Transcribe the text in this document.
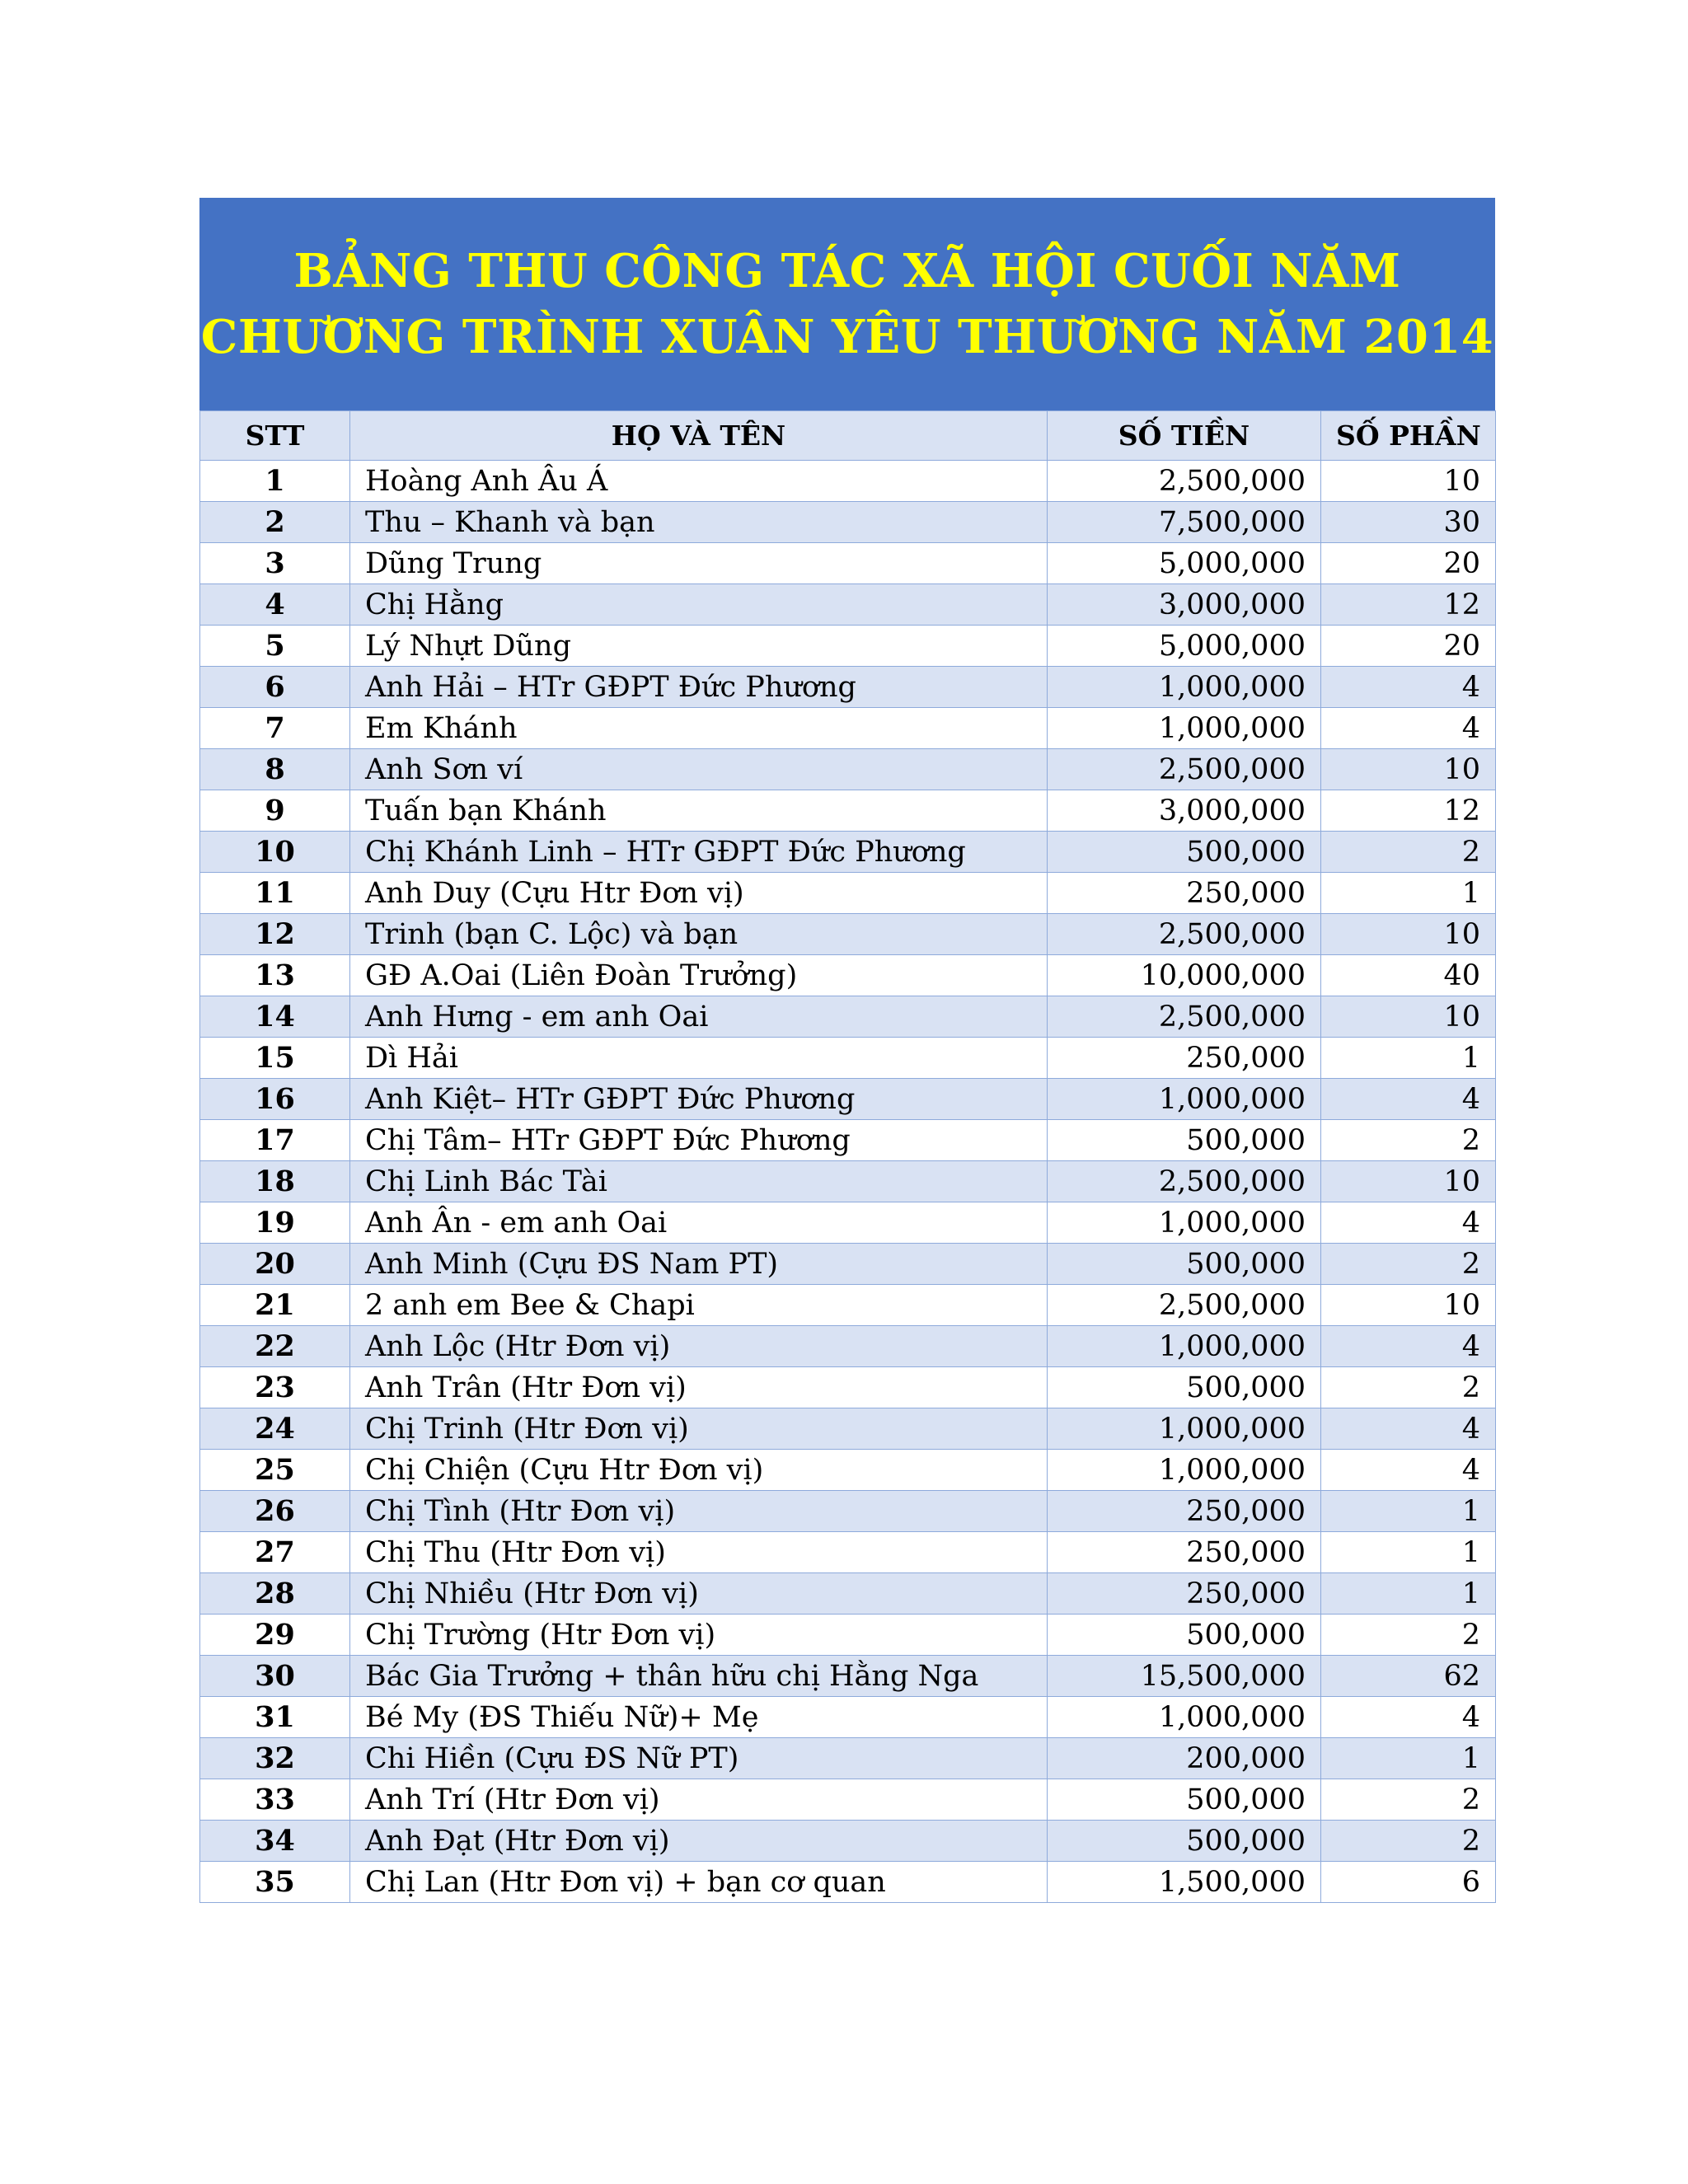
BẢNG THU CÔNG TÁC XÃ HỘI CUỐI NĂM
CHƯƠNG TRÌNH XUÂN YÊU THƯƠNG NĂM 2014
STT	HỌ VÀ TÊN	SỐ TIỀN	SỐ PHẦN
1	Hoàng Anh Âu Á	2,500,000	10
2	Thu – Khanh và bạn	7,500,000	30
3	Dũng Trung	5,000,000	20
4	Chị Hằng	3,000,000	12
5	Lý Nhựt Dũng	5,000,000	20
6	Anh Hải – HTr GĐPT Đức Phương	1,000,000	4
7	Em Khánh	1,000,000	4
8	Anh Sơn ví	2,500,000	10
9	Tuấn bạn Khánh	3,000,000	12
10	Chị Khánh Linh – HTr GĐPT Đức Phương	500,000	2
11	Anh Duy (Cựu Htr Đơn vị)	250,000	1
12	Trinh (bạn C. Lộc) và bạn	2,500,000	10
13	GĐ A.Oai (Liên Đoàn Trưởng)	10,000,000	40
14	Anh Hưng - em anh Oai	2,500,000	10
15	Dì Hải	250,000	1
16	Anh Kiệt– HTr GĐPT Đức Phương	1,000,000	4
17	Chị Tâm– HTr GĐPT Đức Phương	500,000	2
18	Chị Linh Bác Tài	2,500,000	10
19	Anh Ân - em anh Oai	1,000,000	4
20	Anh Minh (Cựu ĐS Nam PT)	500,000	2
21	2 anh em Bee & Chapi	2,500,000	10
22	Anh Lộc (Htr Đơn vị)	1,000,000	4
23	Anh Trân (Htr Đơn vị)	500,000	2
24	Chị Trinh (Htr Đơn vị)	1,000,000	4
25	Chị Chiện (Cựu Htr Đơn vị)	1,000,000	4
26	Chị Tình (Htr Đơn vị)	250,000	1
27	Chị Thu (Htr Đơn vị)	250,000	1
28	Chị Nhiều (Htr Đơn vị)	250,000	1
29	Chị Trường (Htr Đơn vị)	500,000	2
30	Bác Gia Trưởng + thân hữu chị Hằng Nga	15,500,000	62
31	Bé My (ĐS Thiếu Nữ)+ Mẹ	1,000,000	4
32	Chi Hiền (Cựu ĐS Nữ PT)	200,000	1
33	Anh Trí (Htr Đơn vị)	500,000	2
34	Anh Đạt (Htr Đơn vị)	500,000	2
35	Chị Lan (Htr Đơn vị) + bạn cơ quan	1,500,000	6
